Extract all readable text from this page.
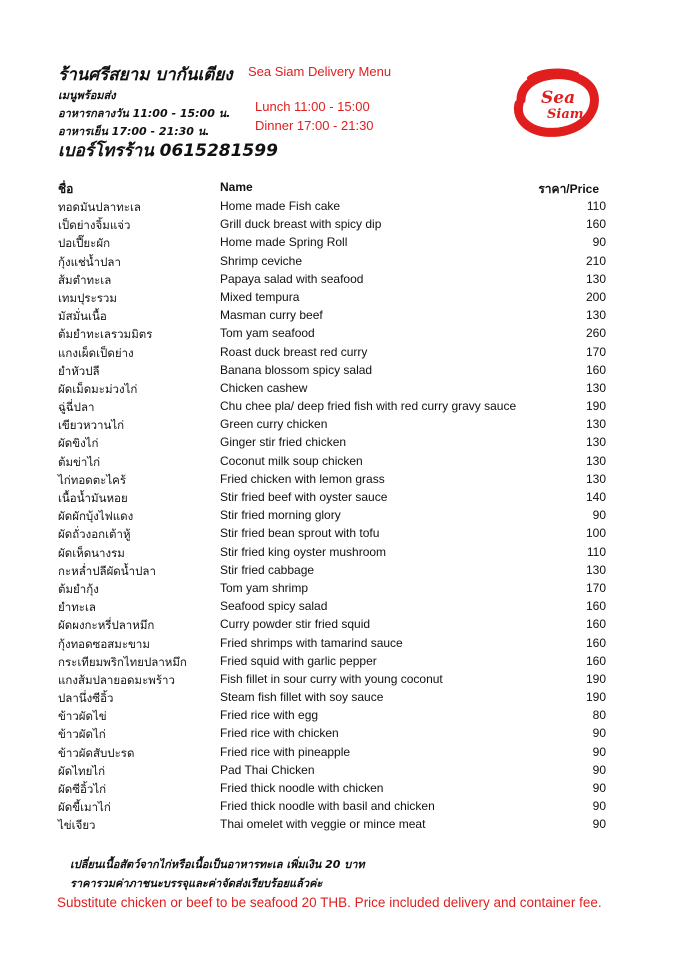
ร้านศรีสยาม บากันเตียง
เมนูพร้อมส่ง
อาหารกลางวัน 11:00 - 15:00 น.
อาหารเย็น 17:00 - 21:30 น.
เบอร์โทรร้าน 0615281599
Sea Siam Delivery Menu
Lunch 11:00 - 15:00
Dinner 17:00 - 21:30
Sea
Siam
ชื่อ	Name	ราคา/Price
ทอดมันปลาทะเล	Home made Fish cake	110
เป็ดย่างจิ้มแจ่ว	Grill duck breast with spicy dip	160
ปอเปี๊ยะผัก	Home made Spring Roll	90
กุ้งแช่น้ำปลา	Shrimp ceviche	210
ส้มตำทะเล	Papaya salad with seafood	130
เทมปุระรวม	Mixed tempura	200
มัสมั่นเนื้อ	Masman curry beef	130
ต้มยำทะเลรวมมิตร	Tom yam seafood	260
แกงเผ็ดเป็ดย่าง	Roast duck breast red curry	170
ยำหัวปลี	Banana blossom spicy salad	160
ผัดเม็ดมะม่วงไก่	Chicken cashew	130
ฉู่ฉี่ปลา	Chu chee pla/ deep fried fish with red curry gravy sauce	190
เขียวหวานไก่	Green curry chicken	130
ผัดขิงไก่	Ginger stir fried chicken	130
ต้มข่าไก่	Coconut milk soup chicken	130
ไก่ทอดตะไคร้	Fried chicken with lemon grass	130
เนื้อน้ำมันหอย	Stir fried beef with oyster sauce	140
ผัดผักบุ้งไฟแดง	Stir fried morning glory	90
ผัดถั่วงอกเต้าหู้	Stir fried bean sprout with tofu	100
ผัดเห็ดนางรม	Stir fried king oyster mushroom	110
กะหล่ำปลีผัดน้ำปลา	Stir fried cabbage	130
ต้มยำกุ้ง	Tom yam shrimp	170
ยำทะเล	Seafood spicy salad	160
ผัดผงกะหรี่ปลาหมึก	Curry powder stir fried squid	160
กุ้งทอดซอสมะขาม	Fried shrimps with tamarind sauce	160
กระเทียมพริกไทยปลาหมึก	Fried squid with garlic pepper	160
แกงส้มปลายอดมะพร้าว	Fish fillet in sour curry with young coconut	190
ปลานึ่งซีอิ้ว	Steam fish fillet with soy sauce	190
ข้าวผัดไข่	Fried rice with egg	80
ข้าวผัดไก่	Fried rice with chicken	90
ข้าวผัดสับปะรด	Fried rice with pineapple	90
ผัดไทยไก่	Pad Thai Chicken	90
ผัดซีอิ้วไก่	Fried thick noodle with chicken	90
ผัดขี้เมาไก่	Fried thick noodle with basil and chicken	90
ไข่เจียว	Thai omelet with veggie or mince meat	90
เปลี่ยนเนื้อสัตว์จากไก่หรือเนื้อเป็นอาหารทะเล เพิ่มเงิน 20 บาท
ราคารวมค่าภาชนะบรรจุและค่าจัดส่งเรียบร้อยแล้วค่ะ
Substitute chicken or beef to be seafood 20 THB. Price included delivery and container fee.
